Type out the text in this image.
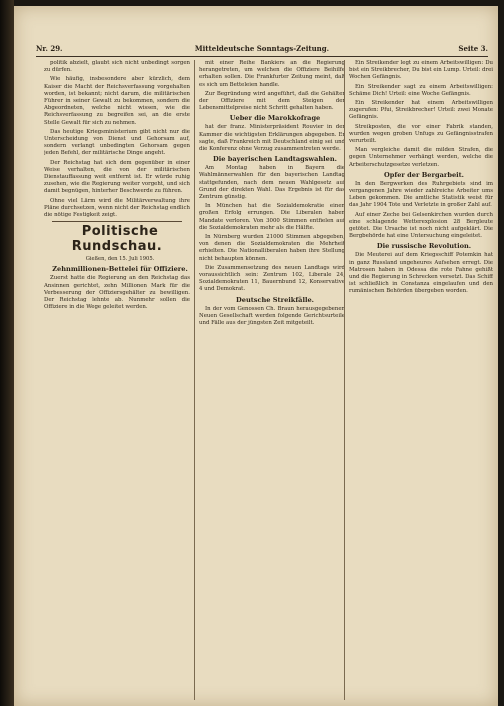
Nr. 29.	Mitteldeutsche Sonntags-Zeitung.	Seite 3.

politik abzielt, glaubt sich nicht unbedingt sorgen zu dürfen.

Wie häufig, insbesondere aber kürzlich, dem Kaiser die Macht der Reichsverfassung vorgehalten worden, ist bekannt; nicht darum, die militärischen Führer in seiner Gewalt zu bekommen, sondern die Abgeordneten, welche nicht wissen, wie die Reichsverfassung zu begreifen sei, an die erste Stelle Gewalt für sich zu nehmen.

Das heutige Kriegsministerium gibt nicht nur die Unterscheidung von Dienst und Gehorsam auf, sondern verlangt unbedingten Gehorsam gegen jeden Befehl, der militärische Dinge angeht.

Der Reichstag hat sich dem gegenüber in einer Weise verhalten, die von der militärischen Dienstauffassung weit entfernt ist. Er würde ruhig zusehen, wie die Regierung weiter vorgeht, und sich damit begnügen, hinterher Beschwerde zu führen.

Ohne viel Lärm wird die Militärverwaltung ihre Pläne durchsetzen, wenn nicht der Reichstag endlich die nötige Festigkeit zeigt.

Politische Rundschau.

Gießen, den 15. Juli 1905.

Zehnmillionen-Bettelei für Offiziere.

Zuerst hatte die Regierung an den Reichstag das Ansinnen gerichtet, zehn Millionen Mark für die Verbesserung der Offiziersgehälter zu bewilligen. Der Reichstag lehnte ab. Nunmehr sollen die Offiziere in die Wege geleitet werden.

mit einer Reihe Bankiers an die Regierung herangetreten, um welchen die Offiziere Beihilfe erhalten sollen. Die Frankfurter Zeitung meint, daß es sich um Betteleien handle.

Zur Begründung wird angeführt, daß die Gehälter der Offiziere mit dem Steigen der Lebensmittelpreise nicht Schritt gehalten haben.

Ueber die Marokkofrage

hat der franz. Ministerpräsident Rouvier in der Kammer die wichtigsten Erklärungen abgegeben. Er sagte, daß Frankreich mit Deutschland einig sei und die Konferenz ohne Verzug zusammentreten werde.

Die bayerischen Landtagswahlen.

Am Montag haben in Bayern die Wahlmännerwahlen für den bayerischen Landtag stattgefunden, nach dem neuen Wahlgesetz auf Grund der direkten Wahl. Das Ergebnis ist für das Zentrum günstig.

In München hat die Sozialdemokratie einen großen Erfolg errungen. Die Liberalen haben Mandate verloren. Von 3000 Stimmen entfielen auf die Sozialdemokraten mehr als die Hälfte.

In Nürnberg wurden 21000 Stimmen abgegeben, von denen die Sozialdemokraten die Mehrheit erhielten. Die Nationalliberalen haben ihre Stellung nicht behaupten können.

Die Zusammensetzung des neuen Landtags wird voraussichtlich sein: Zentrum 102, Liberale 24, Sozialdemokraten 11, Bauernbund 12, Konservative 4 und Demokrat.

Deutsche Streikfälle.

In der vom Genossen Ch. Braun herausgegebenen Neuen Gesellschaft werden folgende Gerichtsurteile und Fälle aus der jüngsten Zeit mitgeteilt.

Ein Streikender legt zu einem Arbeitswilligen: Du bist ein Streikbrecher, Du bist ein Lump. Urteil: drei Wochen Gefängnis.

Ein Streikender sagt zu einem Arbeitswilligen: Schäme Dich! Urteil: eine Woche Gefängnis.

Ein Streikender hat einem Arbeitswilligen zugerufen: Pfui, Streikbrecher! Urteil: zwei Monate Gefängnis.

Streikposten, die vor einer Fabrik standen, wurden wegen groben Unfugs zu Gefängnisstrafen verurteilt.

Man vergleiche damit die milden Strafen, die gegen Unternehmer verhängt werden, welche die Arbeiterschutzgesetze verletzen.

Opfer der Bergarbeit.

In den Bergwerken des Ruhrgebiets sind im vergangenen Jahre wieder zahlreiche Arbeiter ums Leben gekommen. Die amtliche Statistik weist für das Jahr 1904 Tote und Verletzte in großer Zahl auf.

Auf einer Zeche bei Gelsenkirchen wurden durch eine schlagende Wetterexplosion 28 Bergleute getötet. Die Ursache ist noch nicht aufgeklärt. Die Bergbehörde hat eine Untersuchung eingeleitet.

Die russische Revolution.

Die Meuterei auf dem Kriegsschiff Potemkin hat in ganz Russland ungeheures Aufsehen erregt. Die Matrosen haben in Odessa die rote Fahne gehißt und die Regierung in Schrecken versetzt. Das Schiff ist schließlich in Constanza eingelaufen und den rumänischen Behörden übergeben worden.
